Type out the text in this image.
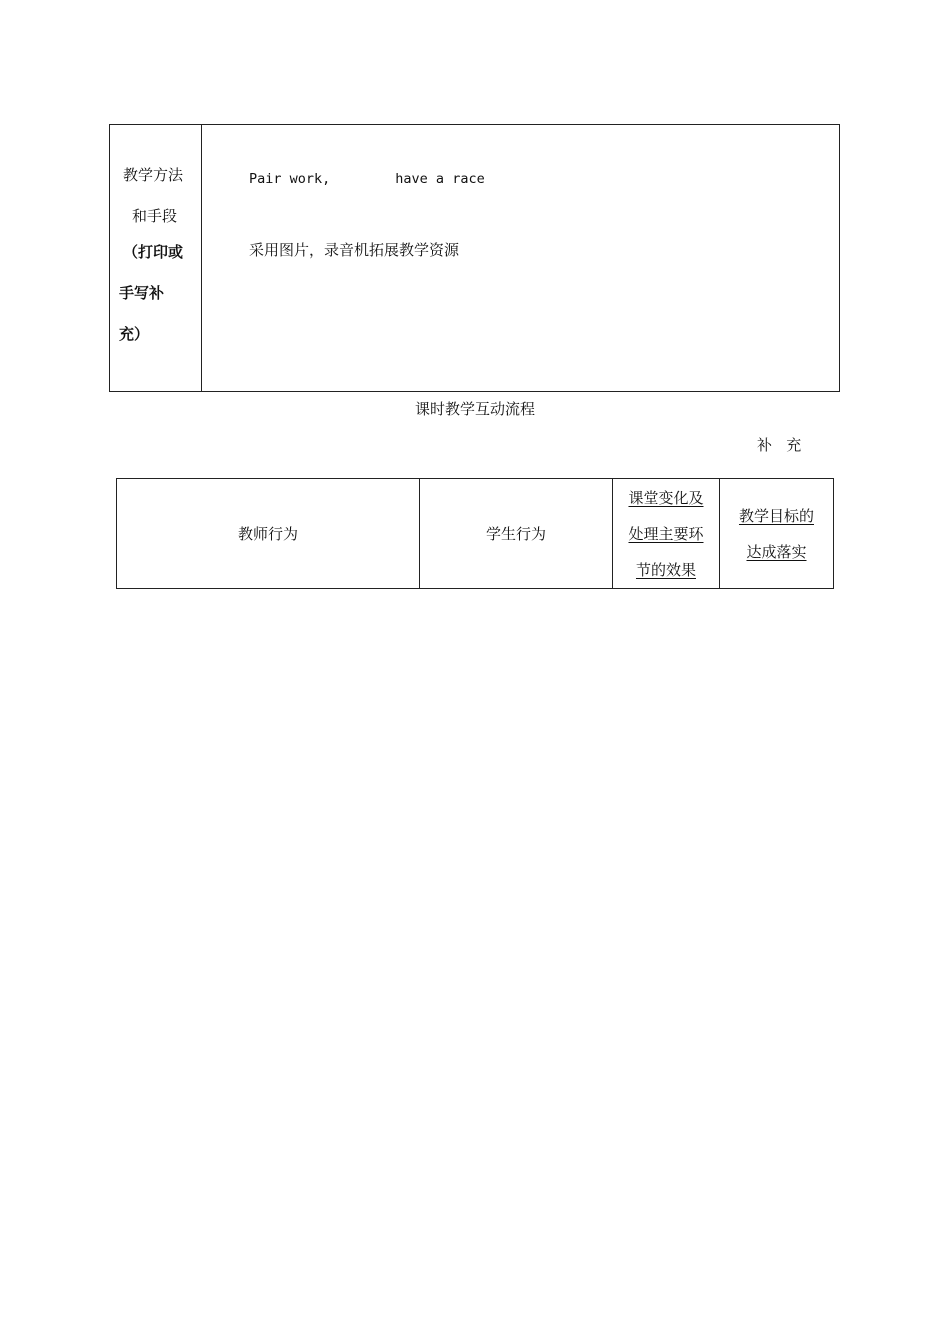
教学方法
和手段
（打印或
手写补
充）
Pair work,        have a race
采用图片，录音机拓展教学资源
课时教学互动流程
补   充
教师行为	学生行为
课堂变化及
处理主要环
节的效果
教学目标的
达成落实
